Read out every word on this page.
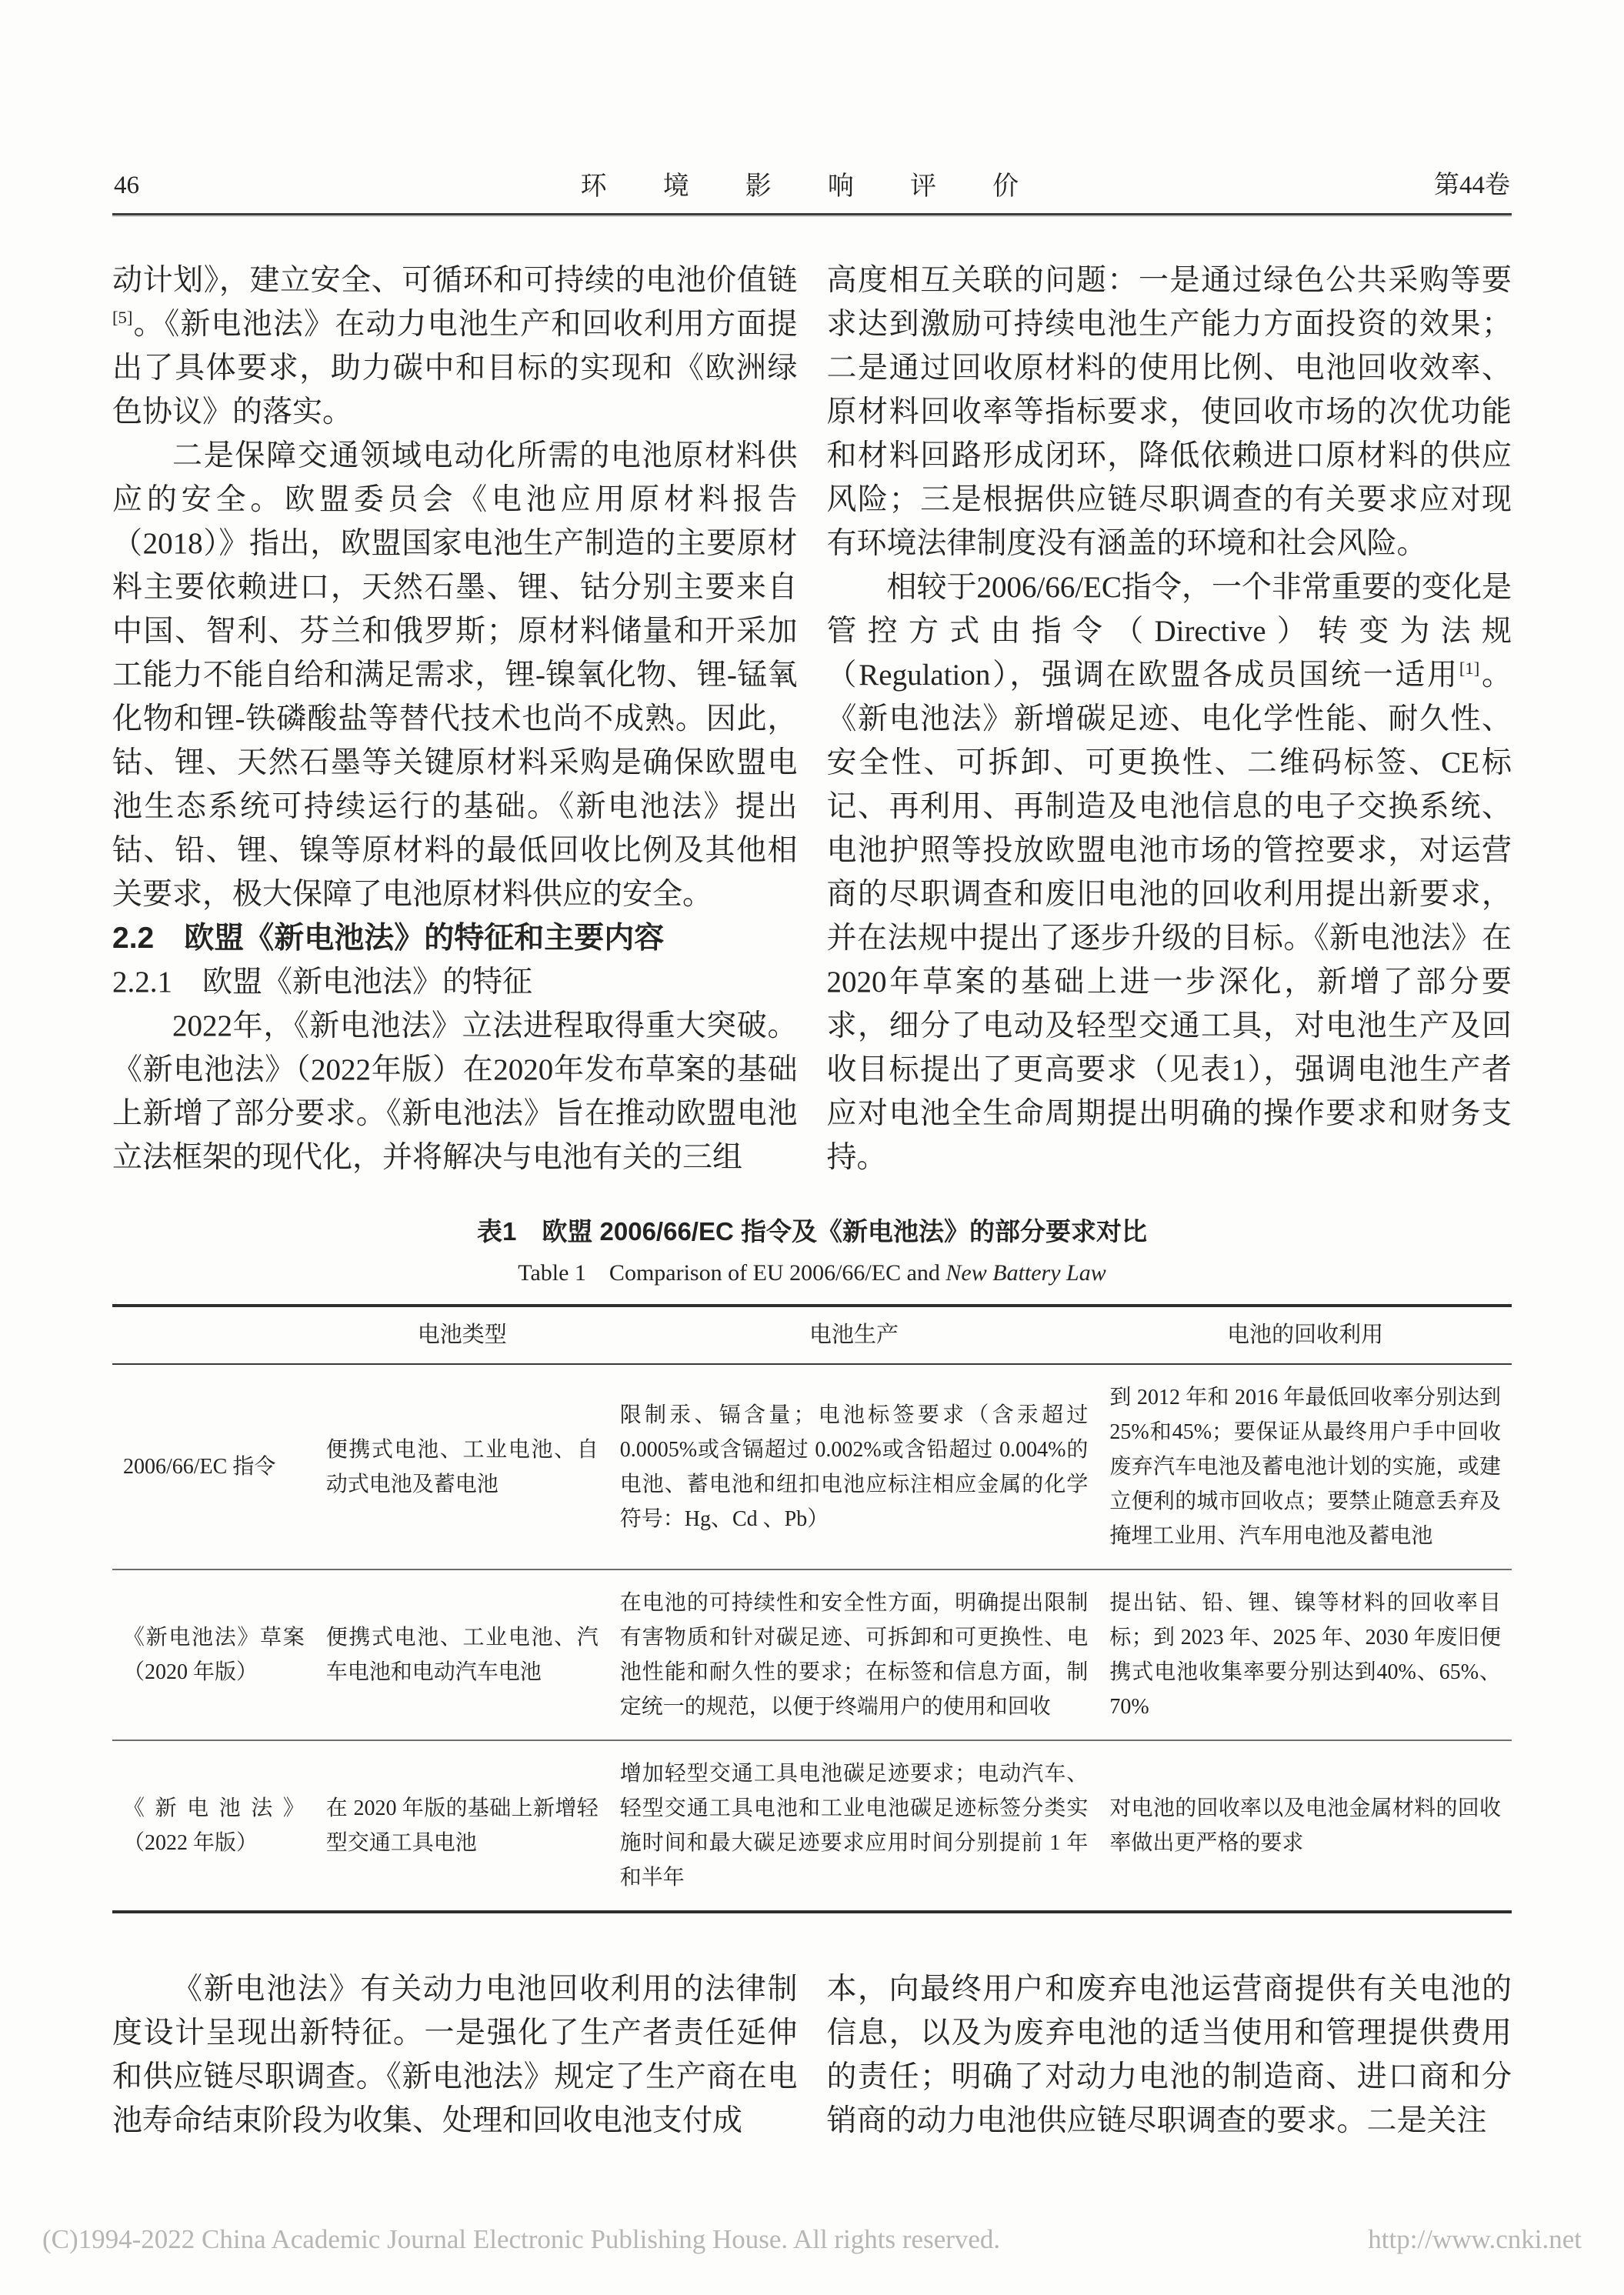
46	环 境 影 响 评 价	第44卷

动计划》，建立安全、可循环和可持续的电池价值链[5]。《新电池法》在动力电池生产和回收利用方面提出了具体要求，助力碳中和目标的实现和《欧洲绿色协议》的落实。

二是保障交通领域电动化所需的电池原材料供应的安全。欧盟委员会《电池应用原材料报告（2018）》指出，欧盟国家电池生产制造的主要原材料主要依赖进口，天然石墨、锂、钴分别主要来自中国、智利、芬兰和俄罗斯；原材料储量和开采加工能力不能自给和满足需求，锂-镍氧化物、锂-锰氧化物和锂-铁磷酸盐等替代技术也尚不成熟。因此，钴、锂、天然石墨等关键原材料采购是确保欧盟电池生态系统可持续运行的基础。《新电池法》提出钴、铅、锂、镍等原材料的最低回收比例及其他相关要求，极大保障了电池原材料供应的安全。

2.2　欧盟《新电池法》的特征和主要内容

2.2.1　欧盟《新电池法》的特征

2022年，《新电池法》立法进程取得重大突破。《新电池法》（2022年版）在2020年发布草案的基础上新增了部分要求。《新电池法》旨在推动欧盟电池立法框架的现代化，并将解决与电池有关的三组

高度相互关联的问题：一是通过绿色公共采购等要求达到激励可持续电池生产能力方面投资的效果；二是通过回收原材料的使用比例、电池回收效率、原材料回收率等指标要求，使回收市场的次优功能和材料回路形成闭环，降低依赖进口原材料的供应风险；三是根据供应链尽职调查的有关要求应对现有环境法律制度没有涵盖的环境和社会风险。

相较于2006/66/EC指令，一个非常重要的变化是管控方式由指令（Directive）转变为法规（Regulation），强调在欧盟各成员国统一适用[1]。《新电池法》新增碳足迹、电化学性能、耐久性、安全性、可拆卸、可更换性、二维码标签、CE标记、再利用、再制造及电池信息的电子交换系统、电池护照等投放欧盟电池市场的管控要求，对运营商的尽职调查和废旧电池的回收利用提出新要求，并在法规中提出了逐步升级的目标。《新电池法》在2020年草案的基础上进一步深化，新增了部分要求，细分了电动及轻型交通工具，对电池生产及回收目标提出了更高要求（见表1），强调电池生产者应对电池全生命周期提出明确的操作要求和财务支持。

表1　欧盟 2006/66/EC 指令及《新电池法》的部分要求对比
Table 1　Comparison of EU 2006/66/EC and New Battery Law
	电池类型	电池生产	电池的回收利用
2006/66/EC 指令	便携式电池、工业电池、自动式电池及蓄电池	限制汞、镉含量；电池标签要求（含汞超过 0.0005%或含镉超过 0.002%或含铅超过 0.004%的电池、蓄电池和纽扣电池应标注相应金属的化学符号：Hg、Cd 、Pb）	到 2012 年和 2016 年最低回收率分别达到25%和45%；要保证从最终用户手中回收废弃汽车电池及蓄电池计划的实施，或建立便利的城市回收点；要禁止随意丢弃及掩埋工业用、汽车用电池及蓄电池
《新电池法》草案（2020 年版）	便携式电池、工业电池、汽车电池和电动汽车电池	在电池的可持续性和安全性方面，明确提出限制有害物质和针对碳足迹、可拆卸和可更换性、电池性能和耐久性的要求；在标签和信息方面，制定统一的规范，以便于终端用户的使用和回收	提出钴、铅、锂、镍等材料的回收率目标；到 2023 年、2025 年、2030 年废旧便携式电池收集率要分别达到40%、65%、70%
《新电池法》（2022 年版）	在 2020 年版的基础上新增轻型交通工具电池	增加轻型交通工具电池碳足迹要求；电动汽车、轻型交通工具电池和工业电池碳足迹标签分类实施时间和最大碳足迹要求应用时间分别提前 1 年和半年	对电池的回收率以及电池金属材料的回收率做出更严格的要求

《新电池法》有关动力电池回收利用的法律制度设计呈现出新特征。一是强化了生产者责任延伸和供应链尽职调查。《新电池法》规定了生产商在电池寿命结束阶段为收集、处理和回收电池支付成

本，向最终用户和废弃电池运营商提供有关电池的信息，以及为废弃电池的适当使用和管理提供费用的责任；明确了对动力电池的制造商、进口商和分销商的动力电池供应链尽职调查的要求。二是关注

(C)1994-2022 China Academic Journal Electronic Publishing House. All rights reserved.	http://www.cnki.net
